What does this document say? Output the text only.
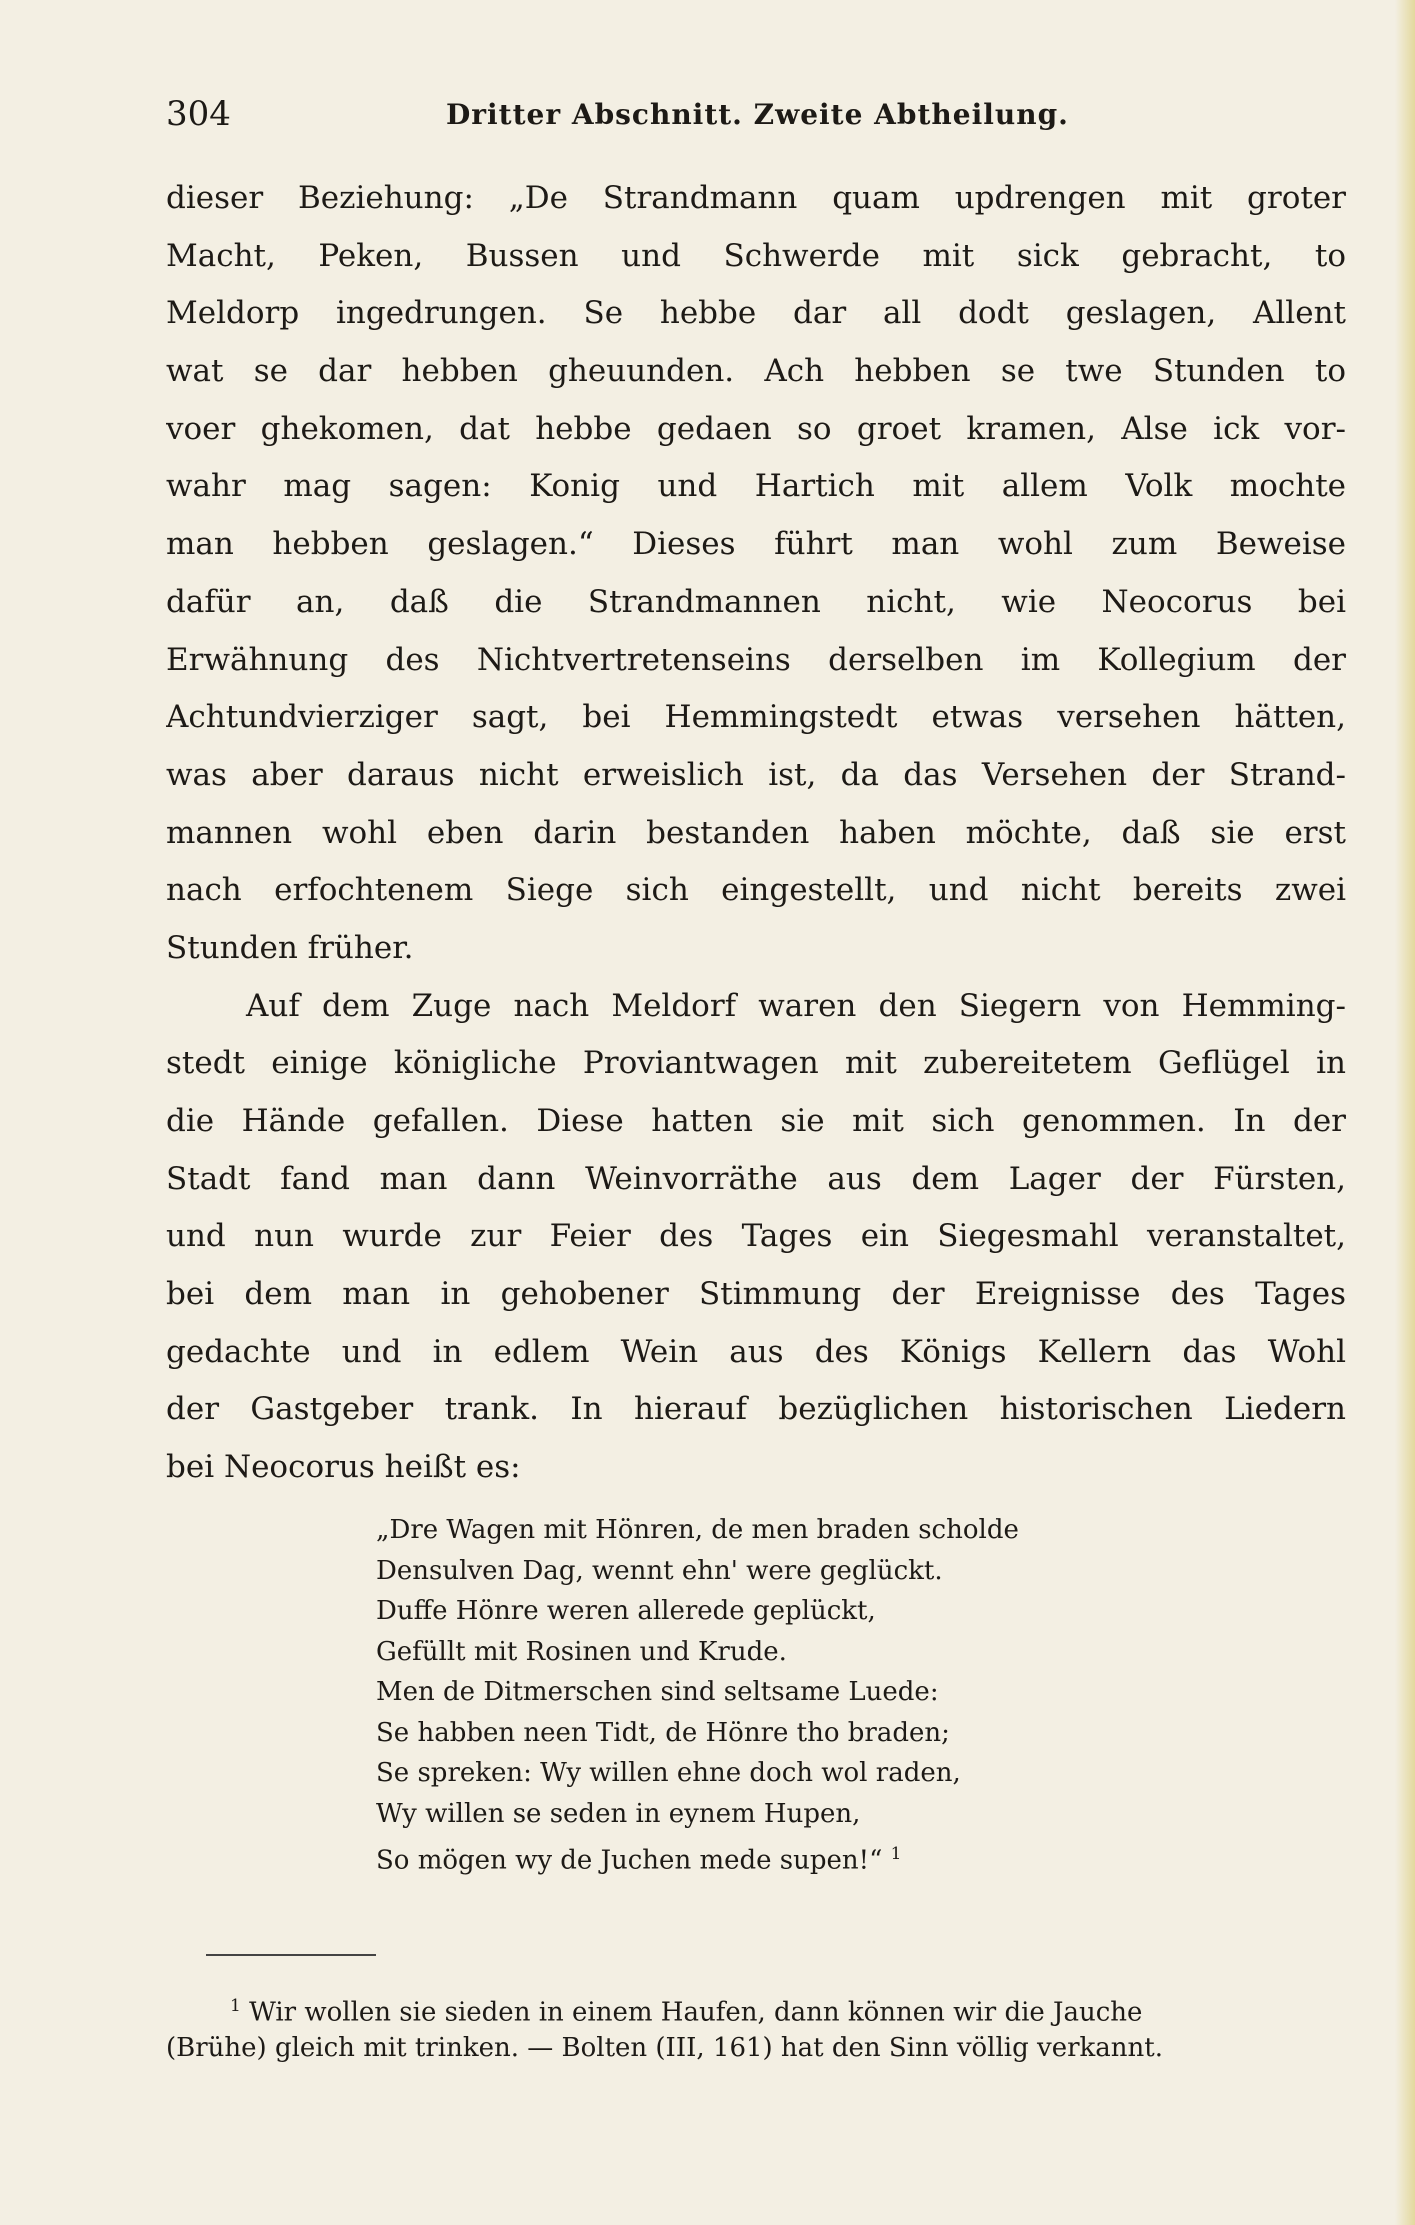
304	Dritter Abschnitt. Zweite Abtheilung.
dieser Beziehung: „De Strandmann quam updrengen mit groter
Macht, Peken, Bussen und Schwerde mit sick gebracht, to
Meldorp ingedrungen. Se hebbe dar all dodt geslagen, Allent
wat se dar hebben gheuunden. Ach hebben se twe Stunden to
voer ghekomen, dat hebbe gedaen so groet kramen, Alse ick vor-
wahr mag sagen: Konig und Hartich mit allem Volk mochte
man hebben geslagen.“ Dieses führt man wohl zum Beweise
dafür an, daß die Strandmannen nicht, wie Neocorus bei
Erwähnung des Nichtvertretenseins derselben im Kollegium der
Achtundvierziger sagt, bei Hemmingstedt etwas versehen hätten,
was aber daraus nicht erweislich ist, da das Versehen der Strand-
mannen wohl eben darin bestanden haben möchte, daß sie erst
nach erfochtenem Siege sich eingestellt, und nicht bereits zwei
Stunden früher.
Auf dem Zuge nach Meldorf waren den Siegern von Hemming-
stedt einige königliche Proviantwagen mit zubereitetem Geflügel in
die Hände gefallen. Diese hatten sie mit sich genommen. In der
Stadt fand man dann Weinvorräthe aus dem Lager der Fürsten,
und nun wurde zur Feier des Tages ein Siegesmahl veranstaltet,
bei dem man in gehobener Stimmung der Ereignisse des Tages
gedachte und in edlem Wein aus des Königs Kellern das Wohl
der Gastgeber trank. In hierauf bezüglichen historischen Liedern
bei Neocorus heißt es:
„Dre Wagen mit Hönren, de men braden scholde
Densulven Dag, wennt ehn' were geglückt.
Duffe Hönre weren allerede geplückt,
Gefüllt mit Rosinen und Krude.
Men de Ditmerschen sind seltsame Luede:
Se habben neen Tidt, de Hönre tho braden;
Se spreken: Wy willen ehne doch wol raden,
Wy willen se seden in eynem Hupen,
So mögen wy de Juchen mede supen!“ $^1$
$^1$ Wir wollen sie sieden in einem Haufen, dann können wir die Jauche
(Brühe) gleich mit trinken. — Bolten (III, 161) hat den Sinn völlig verkannt.
